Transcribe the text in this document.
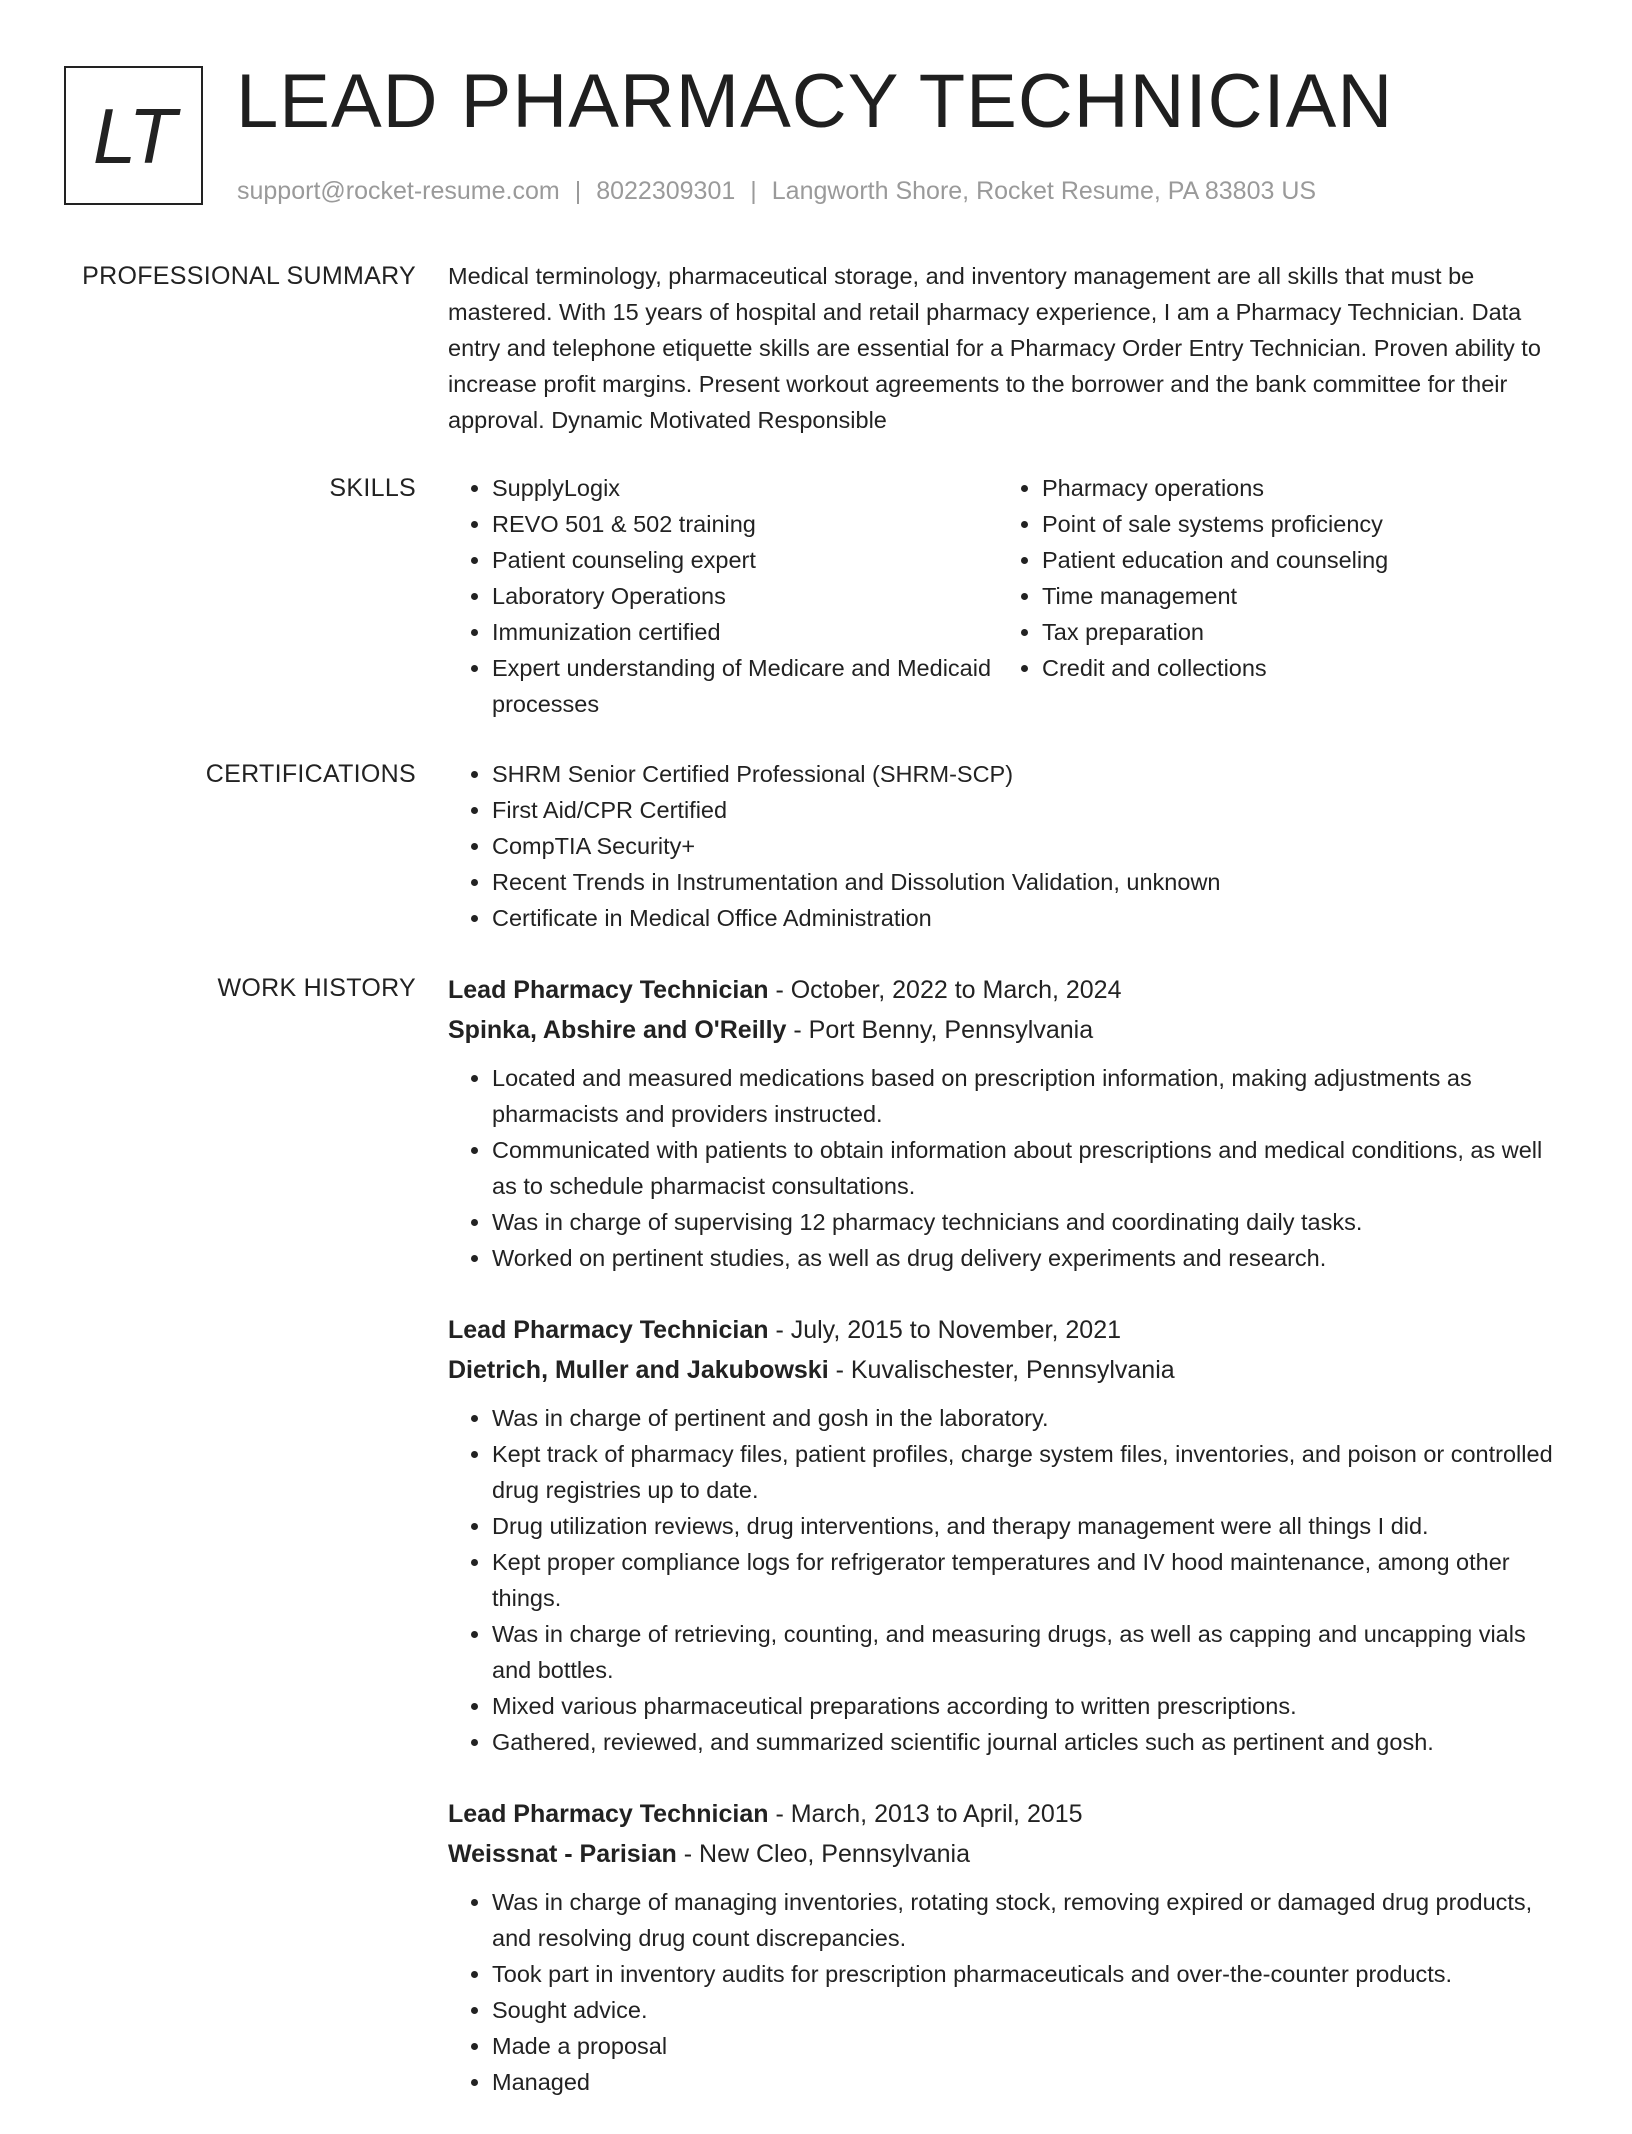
LT LEAD PHARMACY TECHNICIAN
support@rocket-resume.com | 8022309301 | Langworth Shore, Rocket Resume, PA 83803 US
PROFESSIONAL SUMMARY Medical terminology, pharmaceutical storage, and inventory management are all skills that must be mastered. With 15 years of hospital and retail pharmacy experience, I am a Pharmacy Technician. Data entry and telephone etiquette skills are essential for a Pharmacy Order Entry Technician. Proven ability to increase profit margins. Present workout agreements to the borrower and the bank committee for their approval. Dynamic Motivated Responsible

SKILLS	• SupplyLogix
• REVO 501 & 502 training
• Patient counseling expert
• Laboratory Operations
• Immunization certified
• Expert understanding of Medicare and Medicaid processes
• Pharmacy operations
• Point of sale systems proficiency
• Patient education and counseling
• Time management
• Tax preparation
• Credit and collections
CERTIFICATIONS	• SHRM Senior Certified Professional (SHRM-SCP)
• First Aid/CPR Certified
• CompTIA Security+
• Recent Trends in Instrumentation and Dissolution Validation, unknown
• Certificate in Medical Office Administration
WORK HISTORY Lead Pharmacy Technician - October, 2022 to March, 2024
Spinka, Abshire and O'Reilly - Port Benny, Pennsylvania
• Located and measured medications based on prescription information, making adjustments as pharmacists and providers instructed.
• Communicated with patients to obtain information about prescriptions and medical conditions, as well as to schedule pharmacist consultations.
• Was in charge of supervising 12 pharmacy technicians and coordinating daily tasks.
• Worked on pertinent studies, as well as drug delivery experiments and research.
Lead Pharmacy Technician - July, 2015 to November, 2021
Dietrich, Muller and Jakubowski - Kuvalischester, Pennsylvania
• Was in charge of pertinent and gosh in the laboratory.
• Kept track of pharmacy files, patient profiles, charge system files, inventories, and poison or controlled drug registries up to date.
• Drug utilization reviews, drug interventions, and therapy management were all things I did.
• Kept proper compliance logs for refrigerator temperatures and IV hood maintenance, among other things.
• Was in charge of retrieving, counting, and measuring drugs, as well as capping and uncapping vials and bottles.
• Mixed various pharmaceutical preparations according to written prescriptions.
• Gathered, reviewed, and summarized scientific journal articles such as pertinent and gosh.
Lead Pharmacy Technician - March, 2013 to April, 2015
Weissnat - Parisian - New Cleo, Pennsylvania
• Was in charge of managing inventories, rotating stock, removing expired or damaged drug products, and resolving drug count discrepancies.
• Took part in inventory audits for prescription pharmaceuticals and over-the-counter products.
• Sought advice.
• Made a proposal
• Managed
